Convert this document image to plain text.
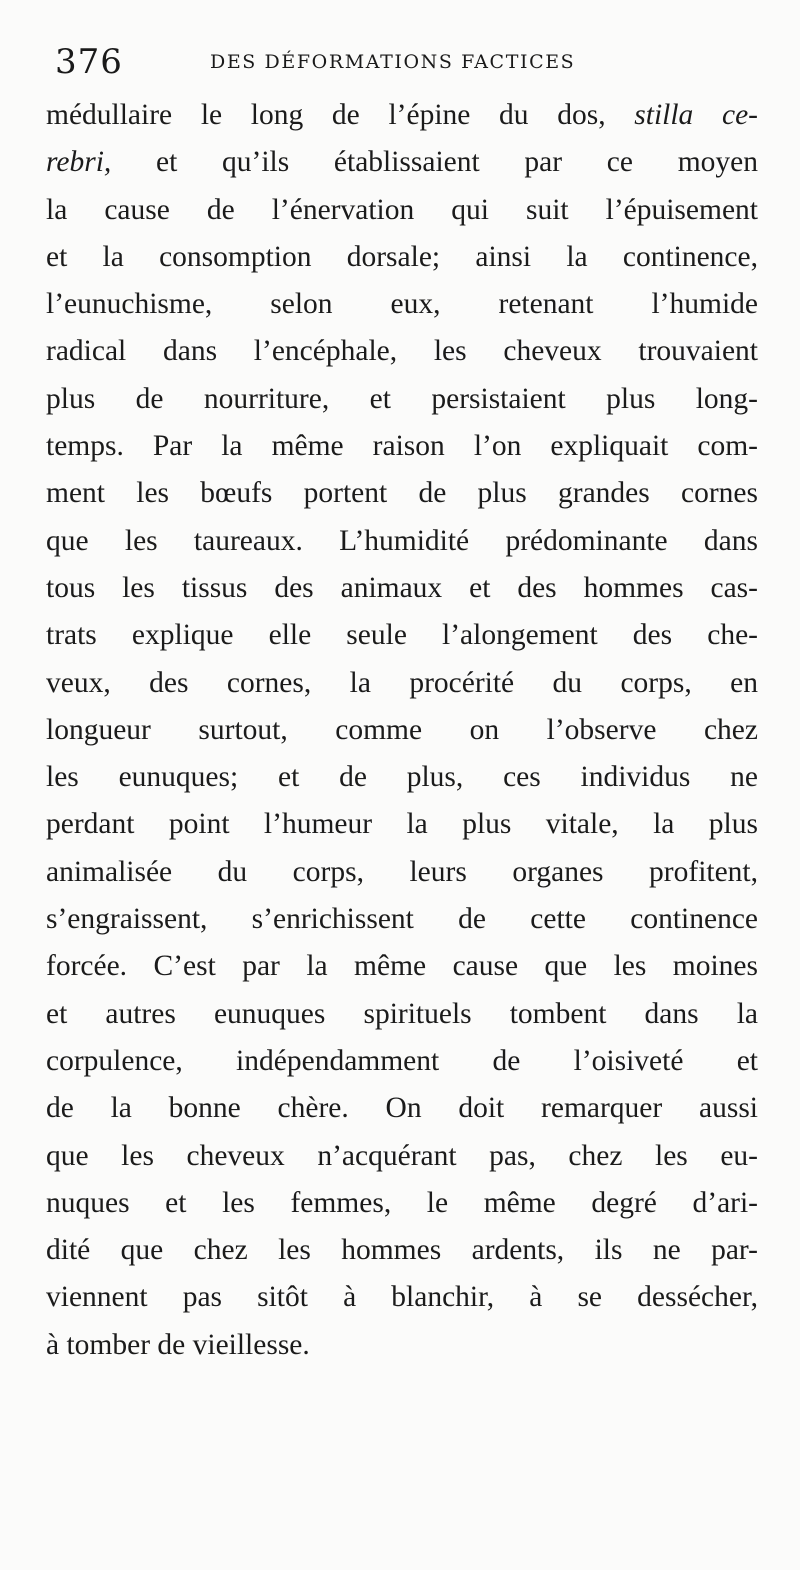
376	DES DÉFORMATIONS FACTICES
médullaire le long de l’épine du dos, stilla ce-
rebri, et qu’ils établissaient par ce moyen
la cause de l’énervation qui suit l’épuisement
et la consomption dorsale; ainsi la continence,
l’eunuchisme, selon eux, retenant l’humide
radical dans l’encéphale, les cheveux trouvaient
plus de nourriture, et persistaient plus long-
temps. Par la même raison l’on expliquait com-
ment les bœufs portent de plus grandes cornes
que les taureaux. L’humidité prédominante dans
tous les tissus des animaux et des hommes cas-
trats explique elle seule l’alongement des che-
veux, des cornes, la procérité du corps, en
longueur surtout, comme on l’observe chez
les eunuques; et de plus, ces individus ne
perdant point l’humeur la plus vitale, la plus
animalisée du corps, leurs organes profitent,
s’engraissent, s’enrichissent de cette continence
forcée. C’est par la même cause que les moines
et autres eunuques spirituels tombent dans la
corpulence, indépendamment de l’oisiveté et
de la bonne chère. On doit remarquer aussi
que les cheveux n’acquérant pas, chez les eu-
nuques et les femmes, le même degré d’ari-
dité que chez les hommes ardents, ils ne par-
viennent pas sitôt à blanchir, à se dessécher,
à tomber de vieillesse.
